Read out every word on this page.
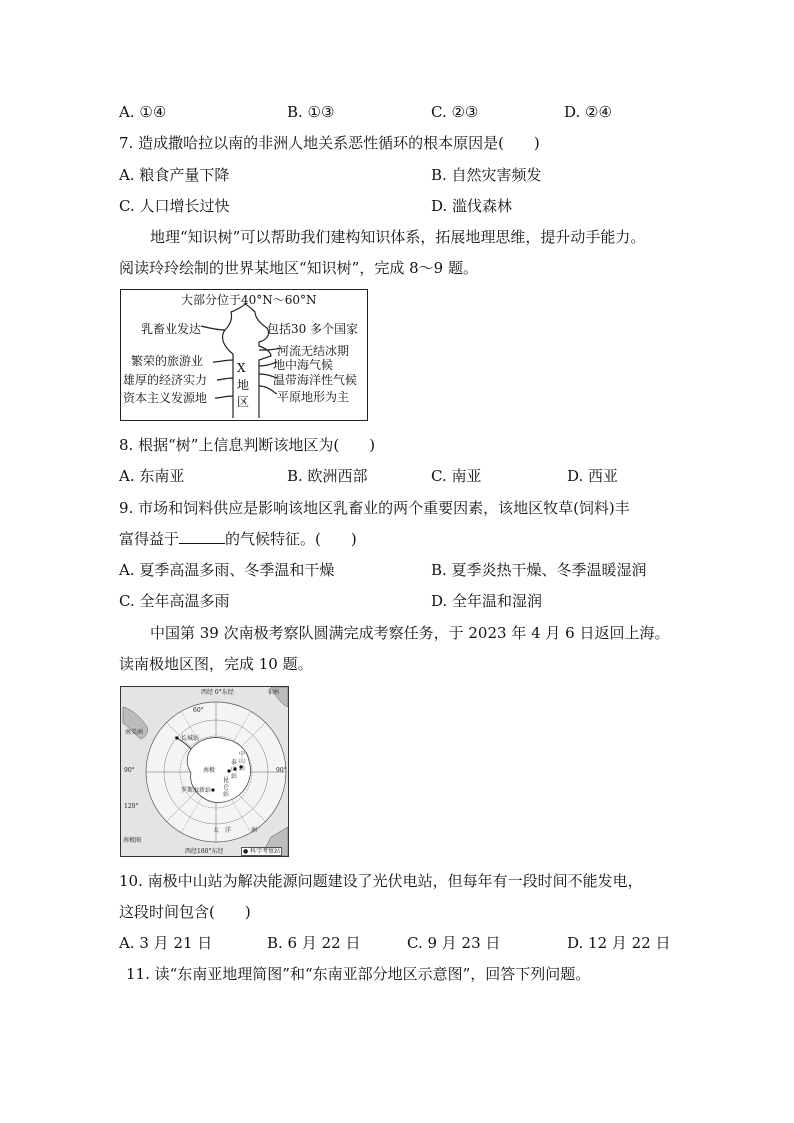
A. ①④	B. ①③	C. ②③	D. ②④
7. 造成撒哈拉以南的非洲人地关系恶性循环的根本原因是(　　)
A. 粮食产量下降	B. 自然灾害频发
C. 人口增长过快	D. 滥伐森林
地理“知识树”可以帮助我们建构知识体系，拓展地理思维，提升动手能力。
阅读玲玲绘制的世界某地区“知识树”，完成 8～9 题。
大部分位于40°N～60°N
乳畜业发达
繁荣的旅游业
雄厚的经济实力
资本主义发源地
包括30 多个国家
河流无结冰期
地中海气候
温带海洋性气候
平原地形为主
X
地
区
8. 根据“树”上信息判断该地区为(　　)
A. 东南亚	B. 欧洲西部	C. 南亚	D. 西亚
9. 市场和饲料供应是影响该地区乳畜业的两个重要因素，该地区牧草(饲料)丰
富得益于	的气候特征。(　　)
A. 夏季高温多雨、冬季温和干燥	B. 夏季炎热干燥、冬季温暖湿润
C. 全年高温多雨	D. 全年温和湿润
中国第 39 次南极考察队圆满完成考察任务，于 2023 年 4 月 6 日返回上海。
读南极地区图，完成 10 题。
西经 0°东经	非洲
南美洲
长城站
南极
昆仑站
泰山站
中山站
罗斯海新站
60°
90°	90°
120°
大 洋	洲
西经180°东经
南极圈
● 科学考察站
10. 南极中山站为解决能源问题建设了光伏电站，但每年有一段时间不能发电，
这段时间包含(　　)
A. 3 月 21 日	B. 6 月 22 日	C. 9 月 23 日	D. 12 月 22 日
11. 读“东南亚地理简图”和“东南亚部分地区示意图”，回答下列问题。
